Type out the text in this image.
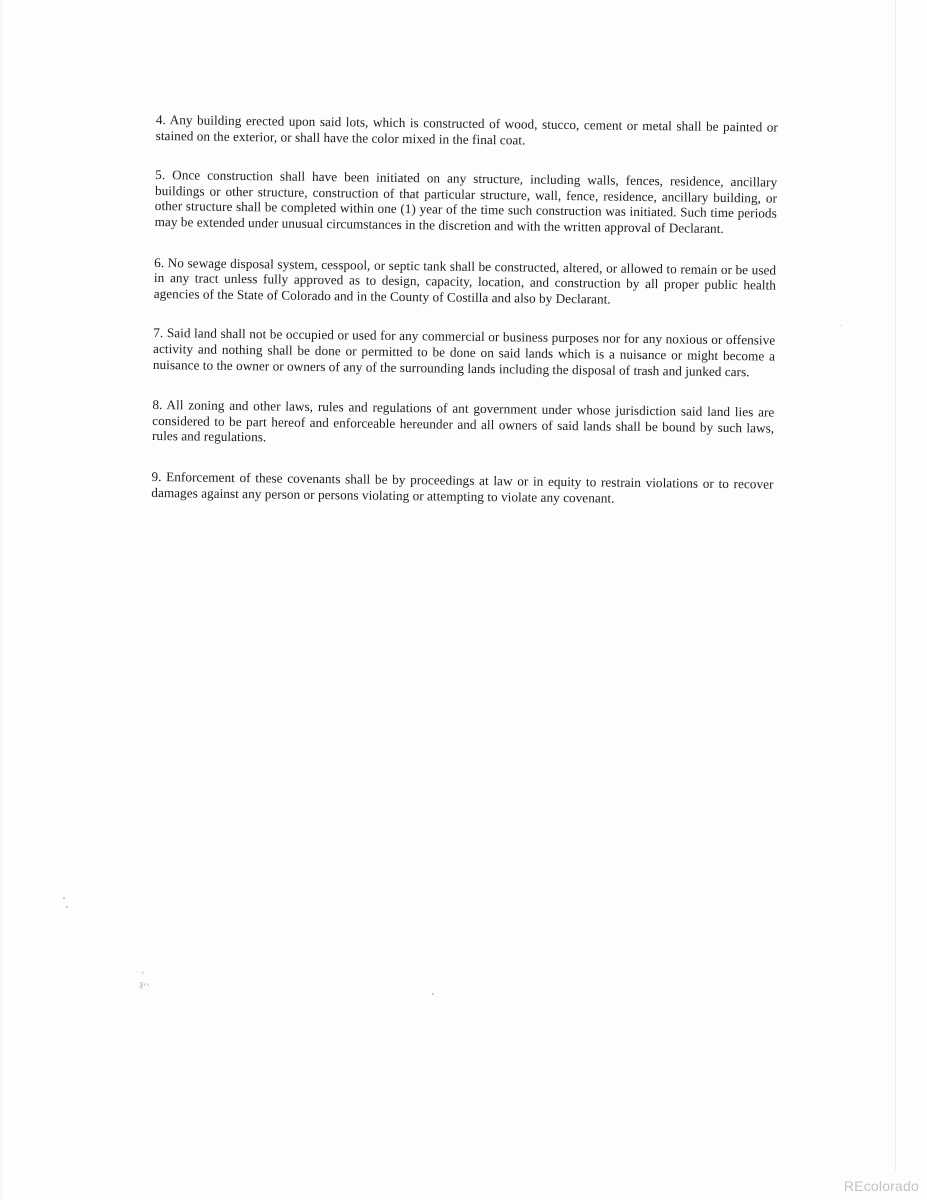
4. Any building erected upon said lots, which is constructed of wood, stucco, cement or metal shall be painted or stained on the exterior, or shall have the color mixed in the final coat.

5. Once construction shall have been initiated on any structure, including walls, fences, residence, ancillary buildings or other structure, construction of that particular structure, wall, fence, residence, ancillary building, or other structure shall be completed within one (1) year of the time such construction was initiated. Such time periods may be extended under unusual circumstances in the discretion and with the written approval of Declarant.

6. No sewage disposal system, cesspool, or septic tank shall be constructed, altered, or allowed to remain or be used in any tract unless fully approved as to design, capacity, location, and construction by all proper public health agencies of the State of Colorado and in the County of Costilla and also by Declarant.

7. Said land shall not be occupied or used for any commercial or business purposes nor for any noxious or offensive activity and nothing shall be done or permitted to be done on said lands which is a nuisance or might become a nuisance to the owner or owners of any of the surrounding lands including the disposal of trash and junked cars.

8. All zoning and other laws, rules and regulations of ant government under whose jurisdiction said land lies are considered to be part hereof and enforceable hereunder and all owners of said lands shall be bound by such laws, rules and regulations.

9. Enforcement of these covenants shall be by proceedings at law or in equity to restrain violations or to recover damages against any person or persons violating or attempting to violate any covenant.

· ‹
ƺ‹‹
REcolorado
